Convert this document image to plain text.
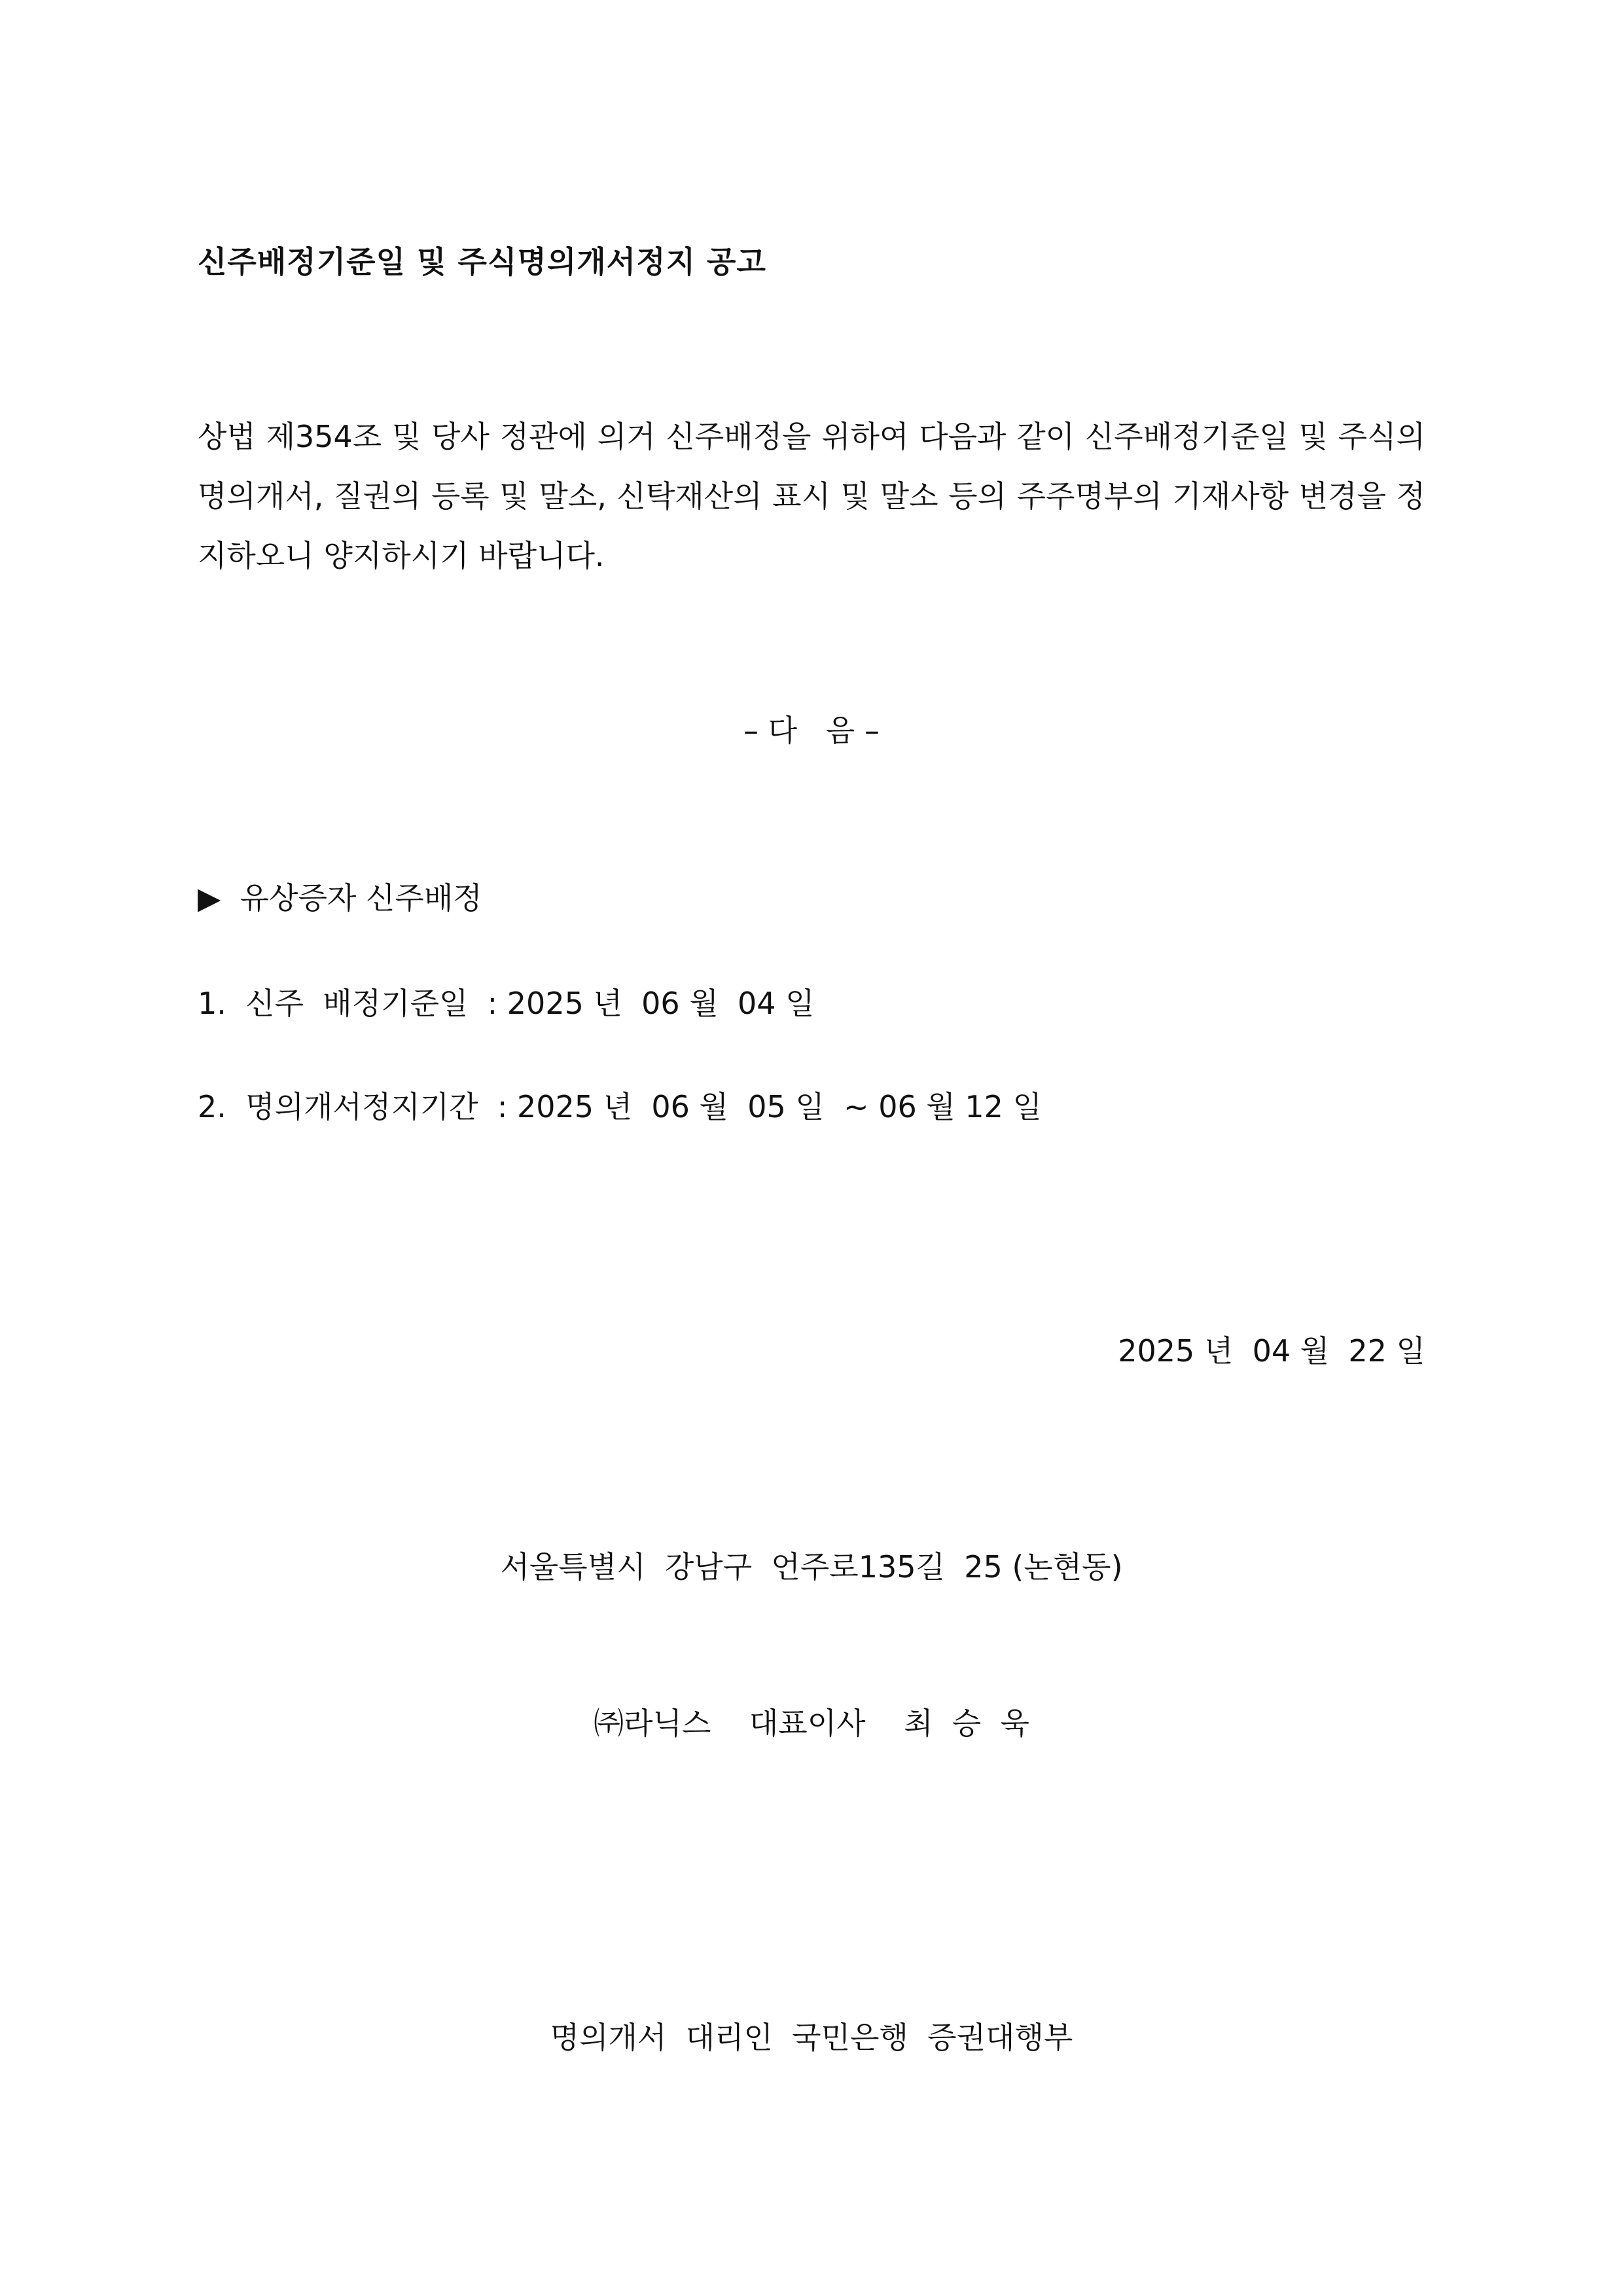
신주배정기준일 및 주식명의개서정지 공고
상법 제354조 및 당사 정관에 의거 신주배정을 위하여 다음과 같이 신주배정기준일 및 주식의 명의개서, 질권의 등록 및 말소, 신탁재산의 표시 및 말소 등의 주주명부의 기재사항 변경을 정지하오니 양지하시기 바랍니다.
– 다   음 –
▶  유상증자 신주배정
1.  신주  배정기준일  : 2025 년  06 월  04 일
2.  명의개서정지기간  : 2025 년  06 월  05 일  ~ 06 월 12 일
2025 년  04 월  22 일
서울특별시  강남구  언주로135길  25 (논현동)
㈜라닉스    대표이사    최  승  욱
명의개서  대리인  국민은행  증권대행부
